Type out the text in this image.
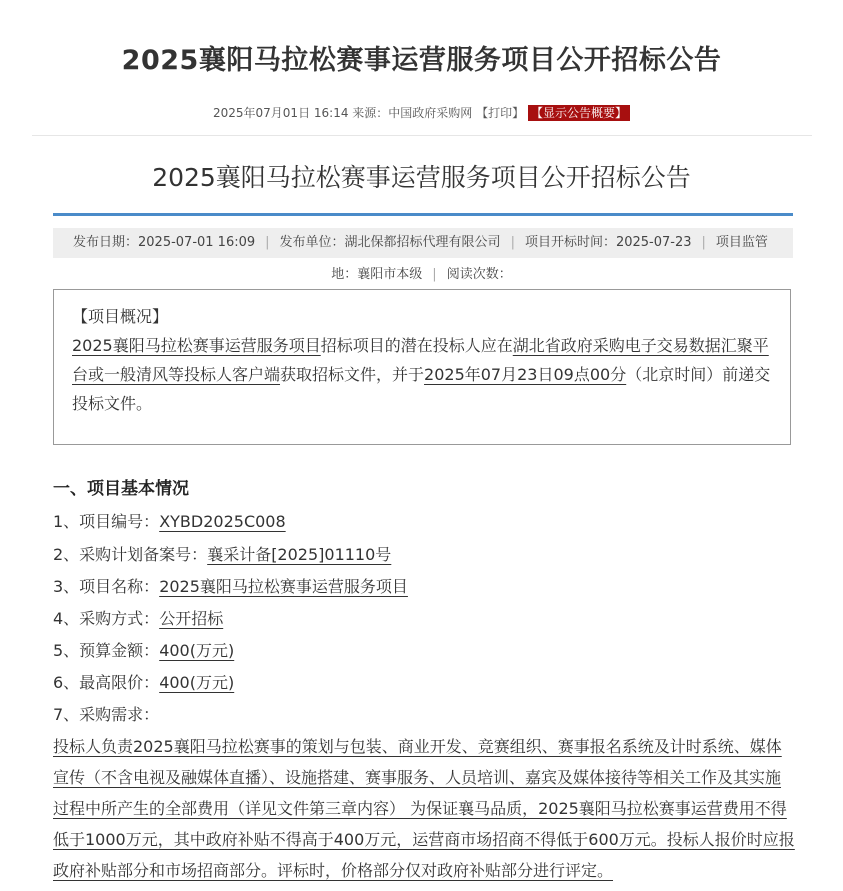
2025襄阳马拉松赛事运营服务项目公开招标公告
2025年07月01日 16:14 来源：中国政府采购网 【打印】 【显示公告概要】
2025襄阳马拉松赛事运营服务项目公开招标公告
发布日期：2025-07-01 16:09 | 发布单位：湖北保都招标代理有限公司 | 项目开标时间：2025-07-23 | 项目监管
地：襄阳市本级 | 阅读次数：
【项目概况】
2025襄阳马拉松赛事运营服务项目招标项目的潜在投标人应在湖北省政府采购电子交易数据汇聚平台或一般清风等投标人客户端获取招标文件，并于2025年07月23日09点00分（北京时间）前递交投标文件。
一、项目基本情况
1、项目编号：XYBD2025C008
2、采购计划备案号：襄采计备[2025]01110号
3、项目名称：2025襄阳马拉松赛事运营服务项目
4、采购方式：公开招标
5、预算金额：400(万元)
6、最高限价：400(万元)
7、采购需求：

投标人负责2025襄阳马拉松赛事的策划与包装、商业开发、竞赛组织、赛事报名系统及计时系统、媒体

宣传（不含电视及融媒体直播）、设施搭建、赛事服务、人员培训、嘉宾及媒体接待等相关工作及其实施

过程中所产生的全部费用（详见文件第三章内容） 为保证襄马品质，2025襄阳马拉松赛事运营费用不得

低于1000万元，其中政府补贴不得高于400万元，运营商市场招商不得低于600万元。投标人报价时应报

政府补贴部分和市场招商部分。评标时，价格部分仅对政府补贴部分进行评定。
